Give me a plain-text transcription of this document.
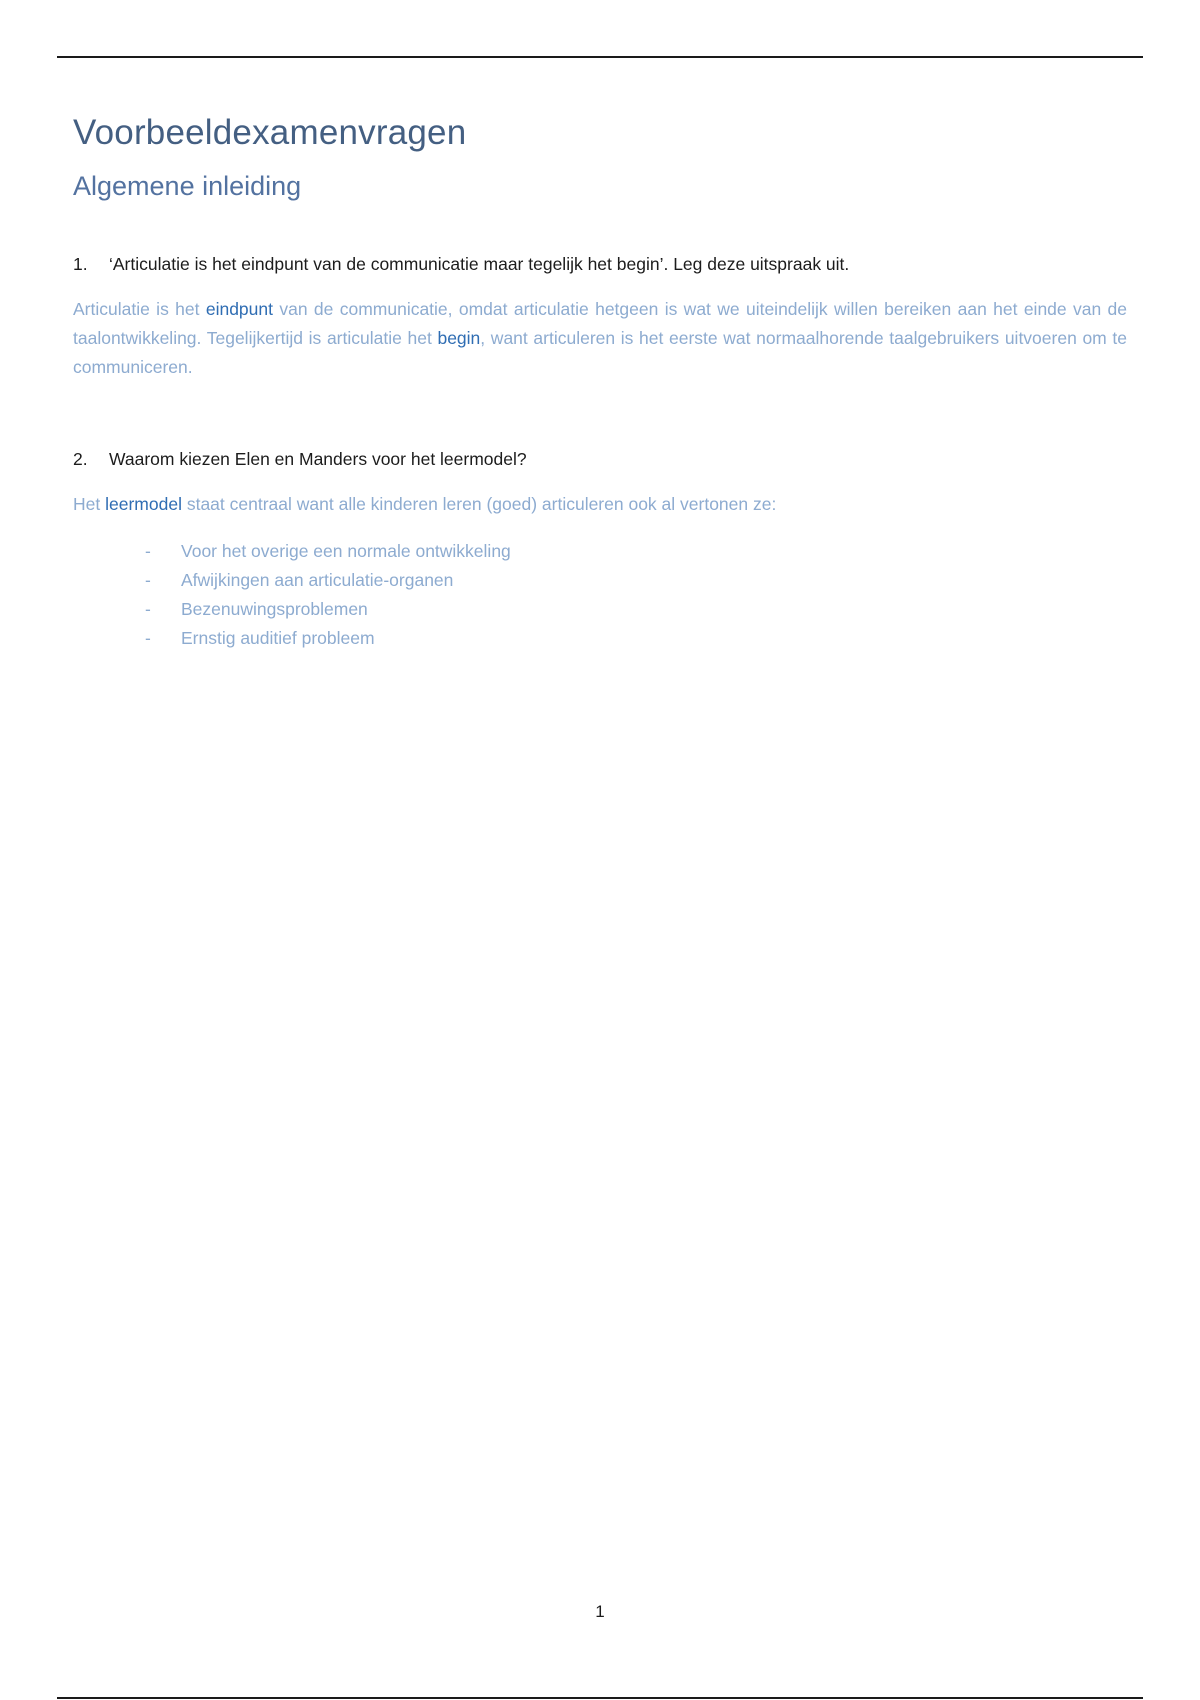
Voorbeeldexamenvragen
Algemene inleiding
1.	‘Articulatie is het eindpunt van de communicatie maar tegelijk het begin’. Leg deze uitspraak uit.

Articulatie is het eindpunt van de communicatie, omdat articulatie hetgeen is wat we uiteindelijk willen bereiken aan het einde van de taalontwikkeling. Tegelijkertijd is articulatie het begin, want articuleren is het eerste wat normaalhorende taalgebruikers uitvoeren om te communiceren.

2.	Waarom kiezen Elen en Manders voor het leermodel?

Het leermodel staat centraal want alle kinderen leren (goed) articuleren ook al vertonen ze:

-	Voor het overige een normale ontwikkeling
-	Afwijkingen aan articulatie-organen
-	Bezenuwingsproblemen
-	Ernstig auditief probleem
1
